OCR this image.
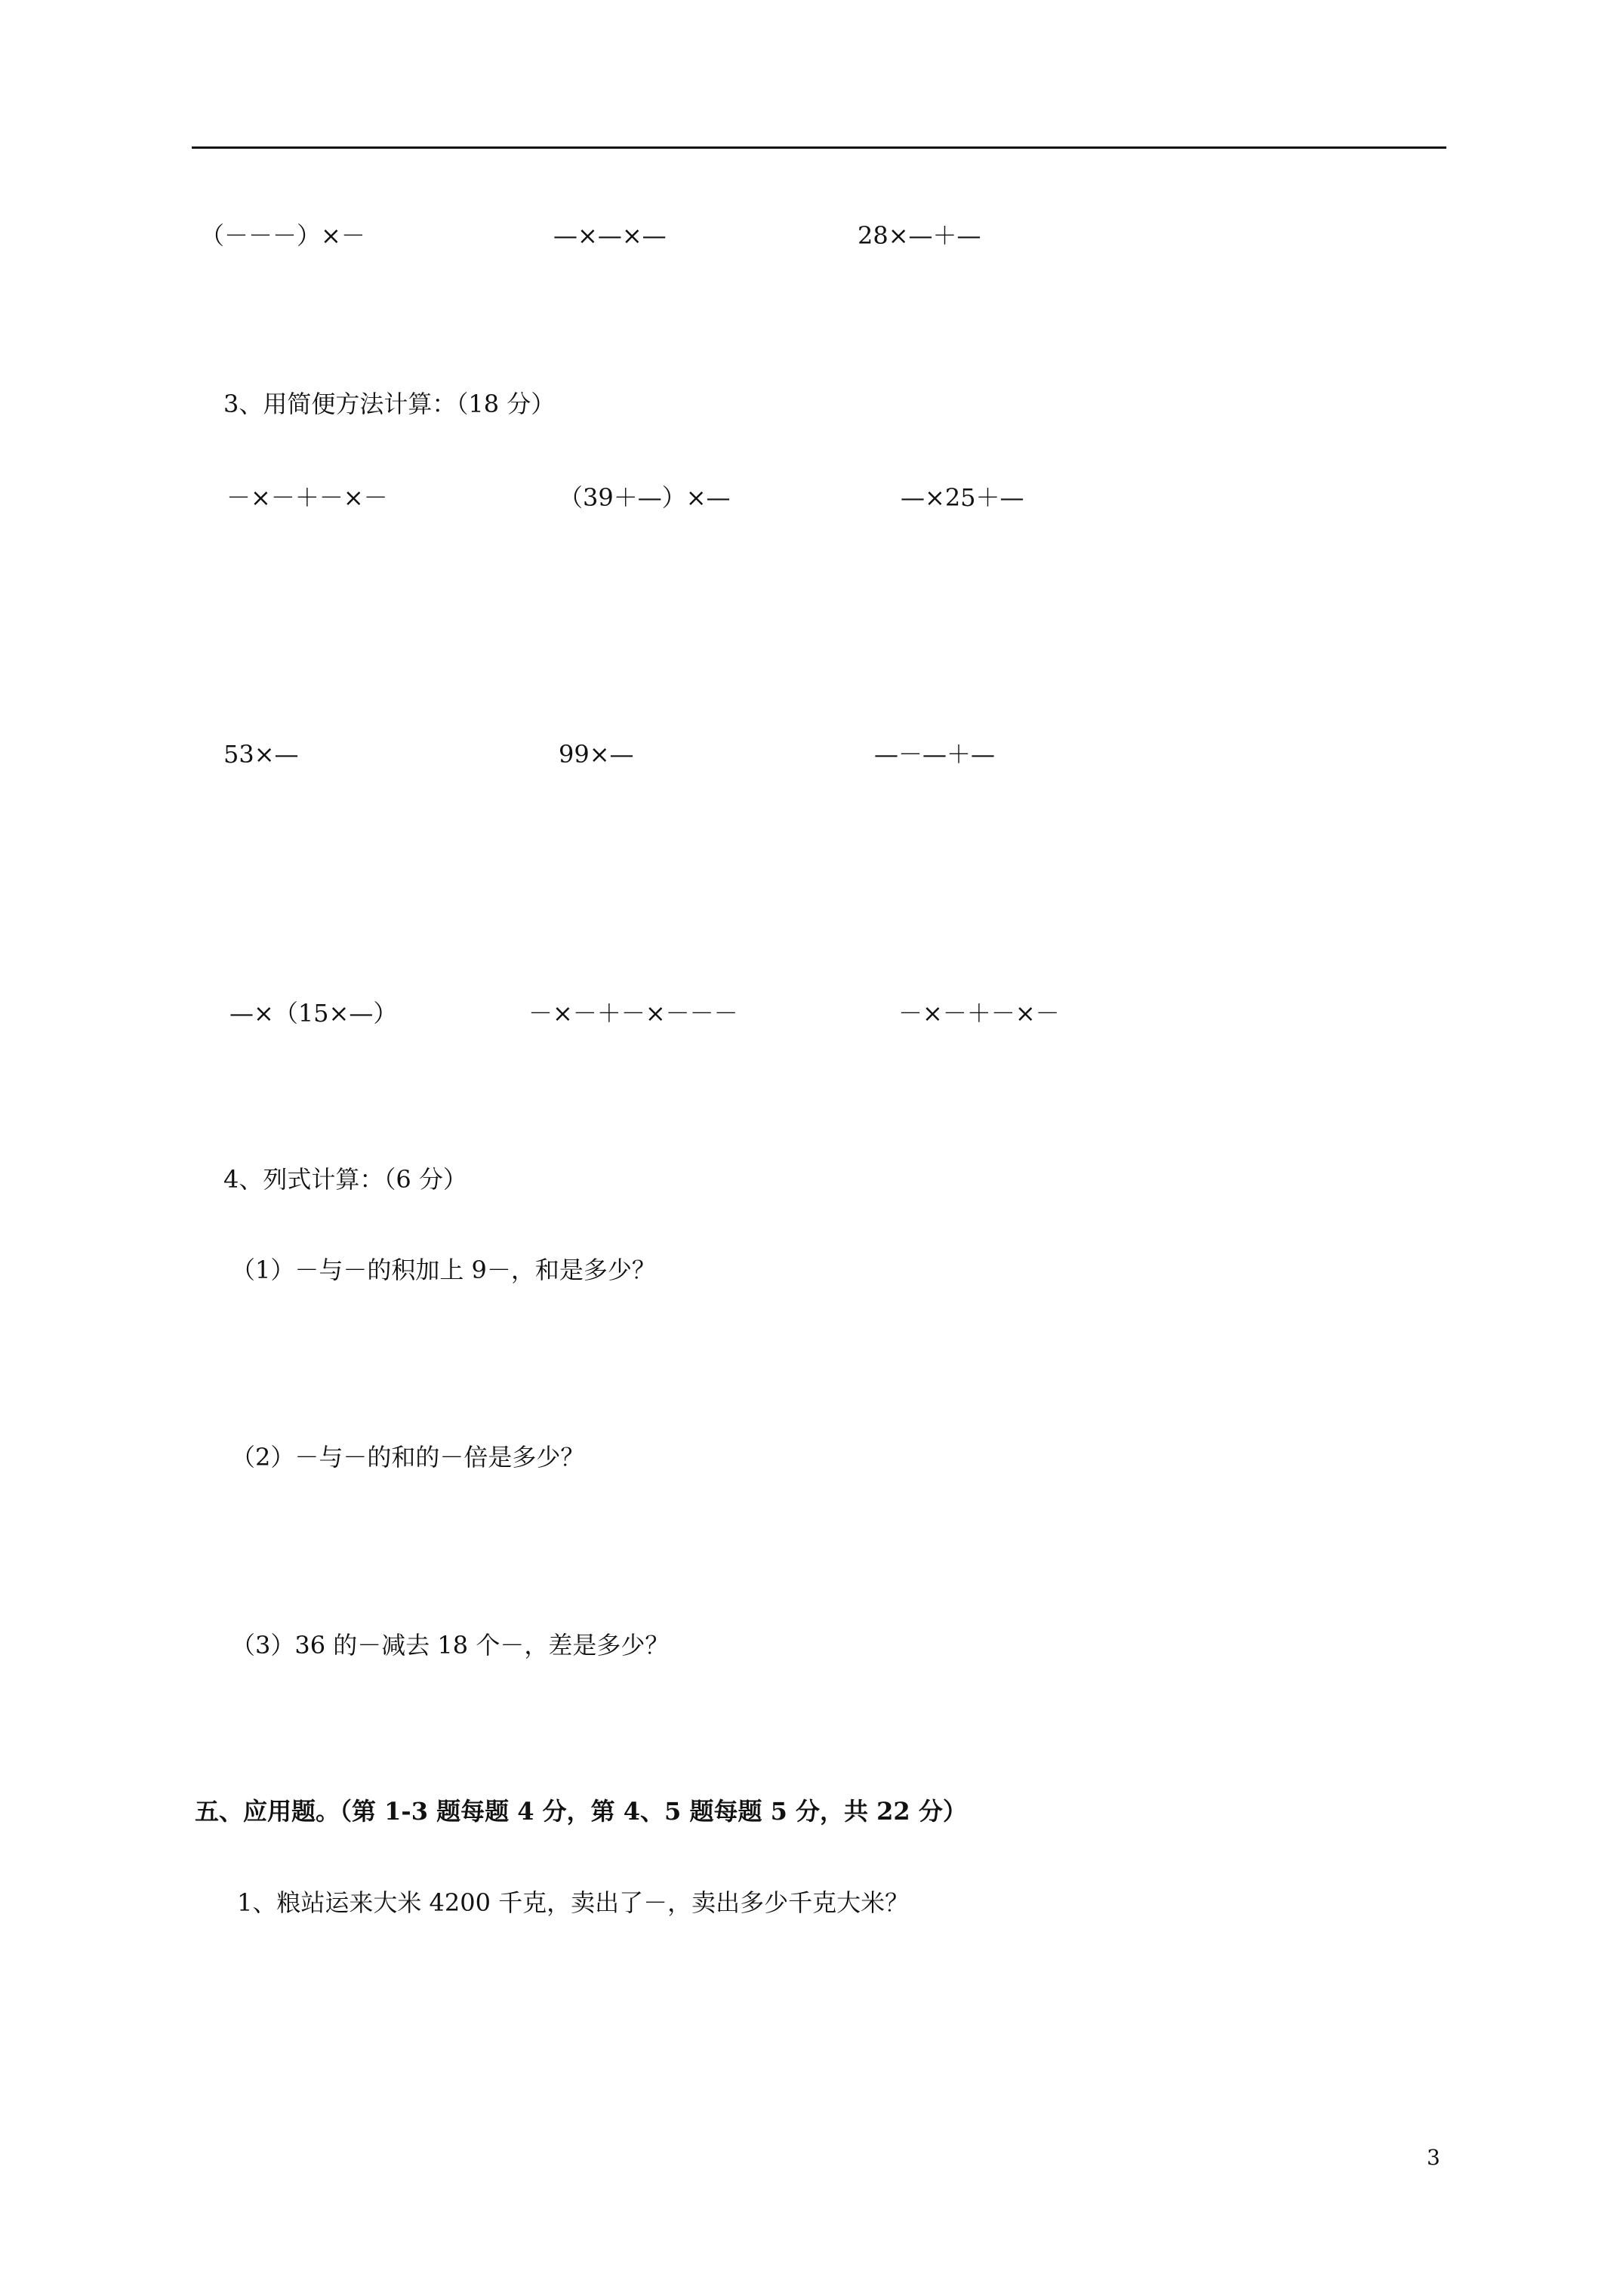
（－－－）×－	—×—×—	28×—＋—
3、用简便方法计算：（18 分）
－×－＋－×－	（39＋—）×—	—×25＋—
53×—	99×—	—－—＋—
—×（15×—）	－×－＋－×－－－	－×－＋－×－
4、列式计算：（6 分）
（1）－与－的积加上 9－，和是多少？
（2）－与－的和的－倍是多少？
（3）36 的－减去 18 个－，差是多少？
五、应用题。（第 1-3 题每题 4 分，第 4、5 题每题 5 分，共 22 分）
1、粮站运来大米 4200 千克，卖出了－，卖出多少千克大米？
3
